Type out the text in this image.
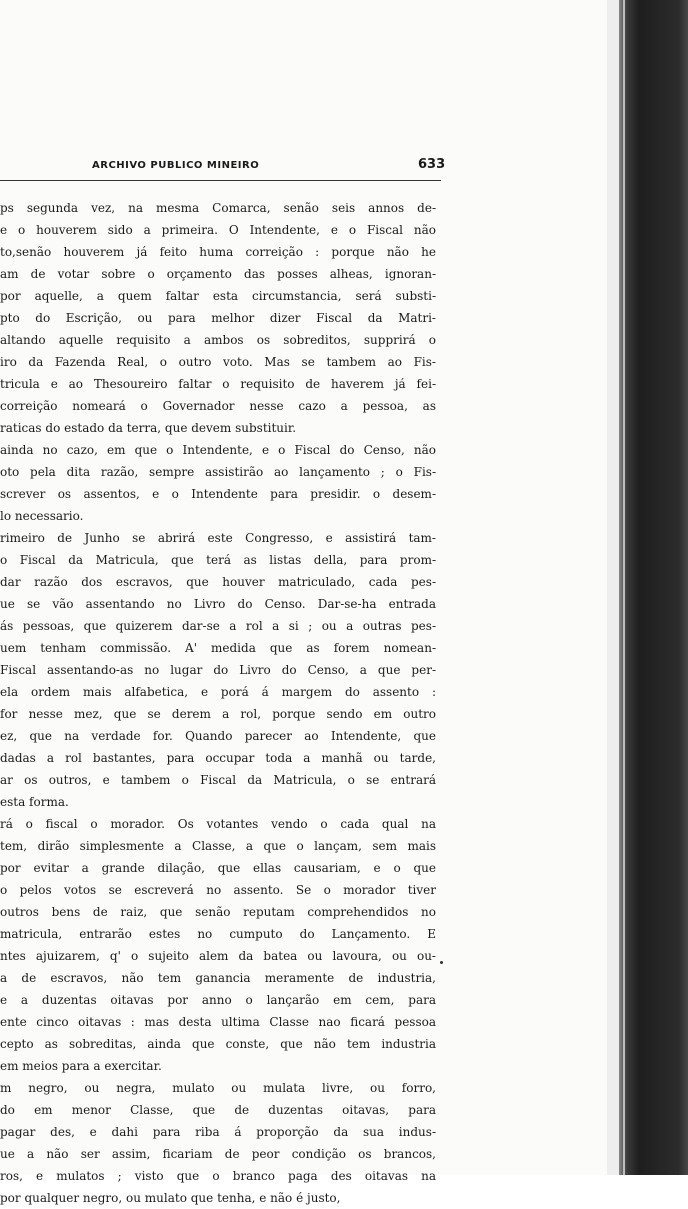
ARCHIVO PUBLICO MINEIRO	633
ps segunda vez, na mesma Comarca, senão seis annos de-
e o houverem sido a primeira. O Intendente, e o Fiscal não
to,senão houverem já feito huma correição : porque não he
am de votar sobre o orçamento das posses alheas, ignoran-
por aquelle, a quem faltar esta circumstancia, será substi-
pto do Escrição, ou para melhor dizer Fiscal da Matri-
altando aquelle requisito a ambos os sobreditos, supprirá o
iro da Fazenda Real, o outro voto. Mas se tambem ao Fis-
tricula e ao Thesoureiro faltar o requisito de haverem já fei-
correição nomeará o Governador nesse cazo a pessoa, as
raticas do estado da terra, que devem substituir.
ainda no cazo, em que o Intendente, e o Fiscal do Censo, não
oto pela dita razão, sempre assistirão ao lançamento ; o Fis-
screver os assentos, e o Intendente para presidir. o desem-
lo necessario.
rimeiro de Junho se abrirá este Congresso, e assistirá tam-
o Fiscal da Matricula, que terá as listas della, para prom-
dar razão dos escravos, que houver matriculado, cada pes-
ue se vão assentando no Livro do Censo. Dar-se-ha entrada
ás pessoas, que quizerem dar-se a rol a si ; ou a outras pes-
uem tenham commissão. A' medida que as forem nomean-
Fiscal assentando-as no lugar do Livro do Censo, a que per-
ela ordem mais alfabetica, e porá á margem do assento :
for nesse mez, que se derem a rol, porque sendo em outro
ez, que na verdade for. Quando parecer ao Intendente, que
dadas a rol bastantes, para occupar toda a manhã ou tarde,
ar os outros, e tambem o Fiscal da Matricula, o se entrará
esta forma.
rá o fiscal o morador. Os votantes vendo o cada qual na
tem, dirão simplesmente a Classe, a que o lançam, sem mais
por evitar a grande dilação, que ellas causariam, e o que
o pelos votos se escreverá no assento. Se o morador tiver
outros bens de raiz, que senão reputam comprehendidos no
matricula, entrarão estes no cumputo do Lançamento. E
ntes ajuizarem, q' o sujeito alem da batea ou lavoura, ou ou-
a de escravos, não tem ganancia meramente de industria,
e a duzentas oitavas por anno o lançarão em cem, para
ente cinco oitavas : mas desta ultima Classe nao ficará pessoa
cepto as sobreditas, ainda que conste, que não tem industria
em meios para a exercitar.
m negro, ou negra, mulato ou mulata livre, ou forro,
do em menor Classe, que de duzentas oitavas, para
pagar des, e dahi para riba á proporção da sua indus-
ue a não ser assim, ficariam de peor condição os brancos,
ros, e mulatos ; visto que o branco paga des oitavas na
por qualquer negro, ou mulato que tenha, e não é justo,
